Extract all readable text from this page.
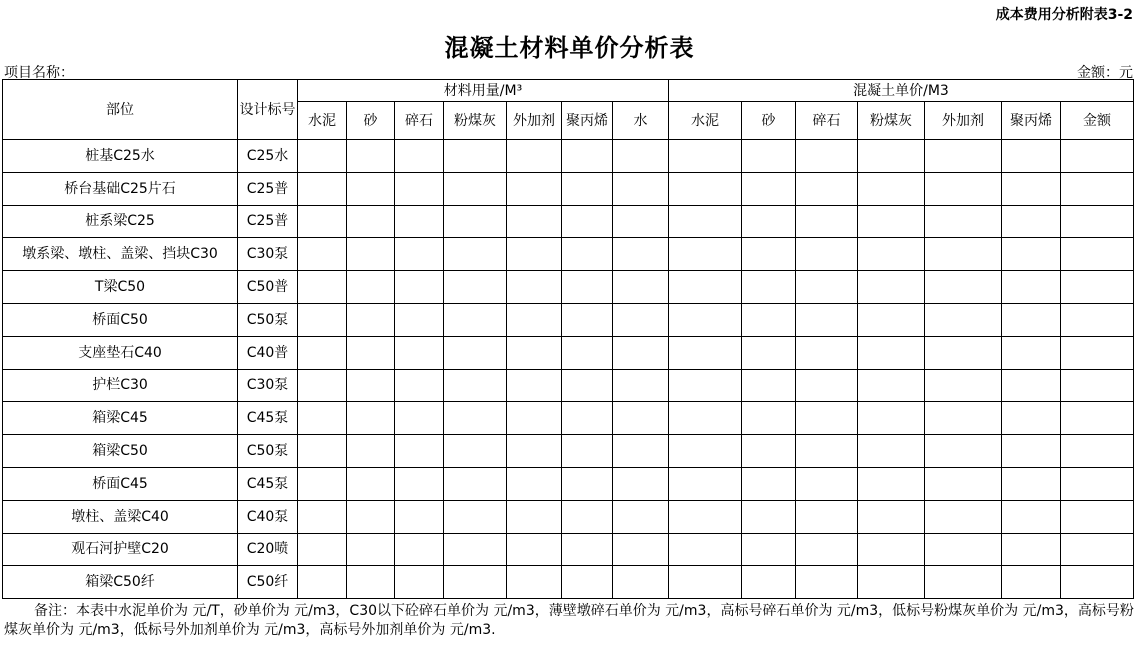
成本费用分析附表3-2
混凝土材料单价分析表
项目名称：	金额：元
部位	设计标号	材料用量/M³							混凝土单价/M3						
		水泥	砂	碎石	粉煤灰	外加剂	聚丙烯	水	水泥	砂	碎石	粉煤灰	外加剂	聚丙烯	金额
桩基C25水	C25水														
桥台基础C25片石	C25普														
桩系梁C25	C25普														
墩系梁、墩柱、盖梁、挡块C30	C30泵														
T梁C50	C50普														
桥面C50	C50泵														
支座垫石C40	C40普														
护栏C30	C30泵														
箱梁C45	C45泵														
箱梁C50	C50泵														
桥面C45	C45泵														
墩柱、盖梁C40	C40泵														
观石河护壁C20	C20喷														
箱梁C50纤	C50纤														
备注：本表中水泥单价为 元/T，砂单价为 元/m3，C30以下砼碎石单价为 元/m3，薄壁墩碎石单价为 元/m3，高标号碎石单价为 元/m3，低标号粉煤灰单价为 元/m3，高标号粉煤灰单价为 元/m3，低标号外加剂单价为 元/m3，高标号外加剂单价为 元/m3.
